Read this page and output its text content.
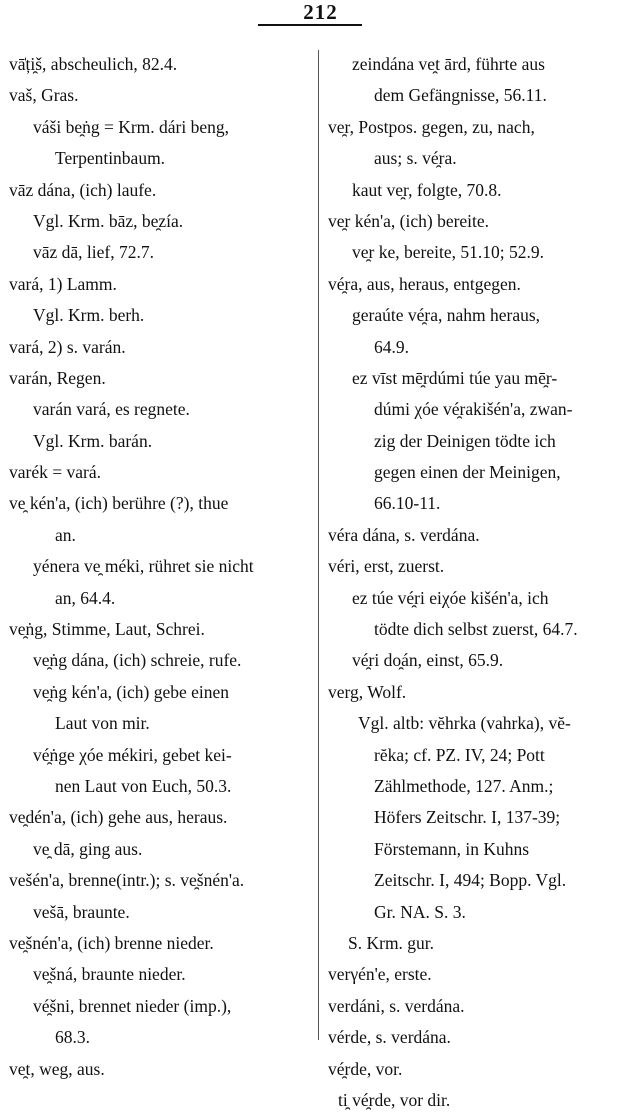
212
vā̍ți̯š, abscheulich, 82.4.
vaš, Gras.
váši be̯ṅg = Krm. dári beng,
Terpentinbaum.
vāz dána, (ich) laufe.
Vgl. Krm. bāz, be̯zía.
vāz dā, lief, 72.7.
vará, 1) Lamm.
Vgl. Krm. berh.
vará, 2) s. varán.
varán, Regen.
varán vará, es regnete.
Vgl. Krm. barán.
varék = vará.
ve̯ kén'a, (ich) berühre (?), thue
an.
yénera ve̯ méki, rühret sie nicht
an, 64.4.
ve̯ṅg, Stimme, Laut, Schrei.
ve̯ṅg dána, (ich) schreie, rufe.
ve̯ṅg kén'a, (ich) gebe einen
Laut von mir.
vé̯ṅge χóe mékiri, gebet kei-
nen Laut von Euch, 50.3.
ve̯dén'a, (ich) gehe aus, heraus.
ve̯ dā, ging aus.
vešén'a, brenne(intr.); s. ve̯šnén'a.
vešā, braunte.
ve̯šnén'a, (ich) brenne nieder.
ve̯šná, braunte nieder.
vé̯šni, brennet nieder (imp.),
68.3.
ve̯t, weg, aus.
zeindána ve̯t ārd, führte aus
dem Gefängnisse, 56.11.
ve̯r, Postpos. gegen, zu, nach,
aus; s. vé̯ra.
kaut ve̯r, folgte, 70.8.
ve̯r kén'a, (ich) bereite.
ve̯r ke, bereite, 51.10; 52.9.
vé̯ra, aus, heraus, entgegen.
geraúte vé̯ra, nahm heraus,
64.9.
ez vīst mē̯rdúmi túe yau mē̯r-
dúmi χóe vé̯rakišén'a, zwan-
zig der Deinigen tödte ich
gegen einen der Meinigen,
66.10-11.
véra dána, s. verdána.
véri, erst, zuerst.
ez túe vé̯ri eiχóe kišén'a, ich
tödte dich selbst zuerst, 64.7.
vé̯ri do̯án, einst, 65.9.
verg, Wolf.
Vgl. altb: vĕhrka (vahrka), vĕ-
rĕka; cf. PZ. IV, 24; Pott
Zählmethode, 127. Anm.;
Höfers Zeitschr. I, 137-39;
Förstemann, in Kuhns
Zeitschr. I, 494; Bopp. Vgl.
Gr. NA. S. 3.
S. Krm. gur.
verγén'e, erste.
verdáni, s. verdána.
vérde, s. verdána.
vé̯rde, vor.
ti̯ vé̯rde, vor dir.
